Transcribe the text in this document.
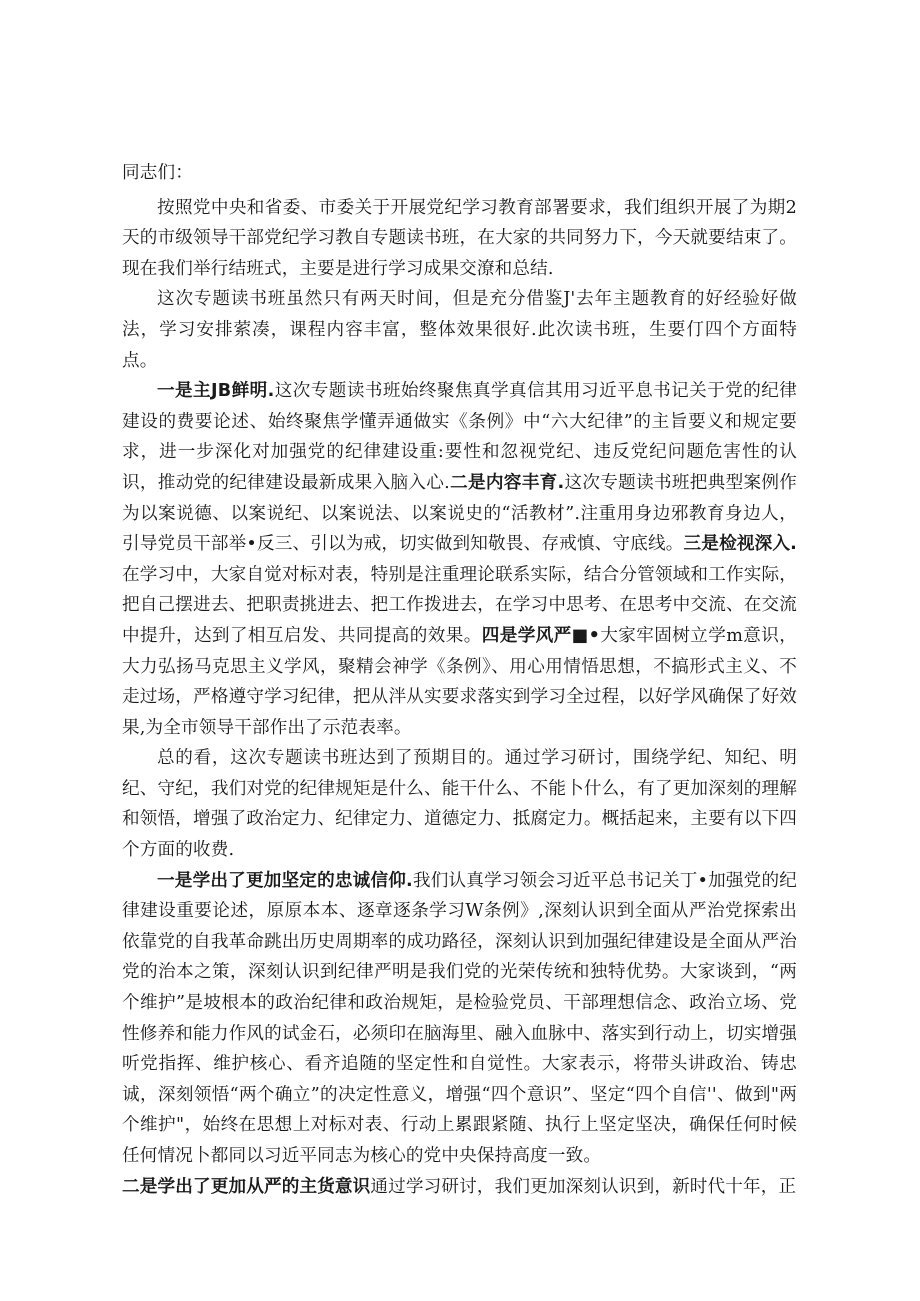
同志们：

按照党中央和省委、市委关于开展党纪学习教育部署要求，我们组织开展了为期2天的市级领导干部党纪学习教自专题读书班，在大家的共同努力下，今天就要结束了。现在我们举行结班式，主要是进行学习成果交潦和总结.

这次专题读书班虽然只有两天时间，但是充分借鉴J'去年主题教育的好经验好做法，学习安排萦凑，课程内容丰富，整体效果很好.此次读书班，生要仃四个方面特点。

一是主JB鲜明.这次专题读书班始终聚焦真学真信其用习近平息书记关于党的纪律建设的费要论述、始终聚焦学懂弄通做实《条例》中“六大纪律”的主旨要义和规定要求，进一步深化对加强党的纪律建设重:要性和忽视党纪、违反党纪问题危害性的认识，推动党的纪律建设最新成果入脑入心.二是内容丰育.这次专题读书班把典型案例作为以案说德、以案说纪、以案说法、以案说史的“活教材”.注重用身边邪教育身边人，引导党员干部举•反三、引以为戒，切实做到知敬畏、存戒慎、守底线。三是检视深入.在学习中，大家自觉对标对表，特别是注重理论联系实际，结合分管领域和工作实际，把自己摆进去、把职责挑进去、把工作拨进去，在学习中思考、在思考中交流、在交流中提升，达到了相互启发、共同提高的效果。四是学风严■•大家牢固树立学m意识，大力弘扬马克思主义学风，聚精会神学《条例》、用心用情悟思想，不搞形式主义、不走过场，严格遵守学习纪律，把从泮从实要求落实到学习全过程，以好学风确保了好效果,为全市领导干部作出了示范表率。

总的看，这次专题读书班达到了预期目的。通过学习研讨，围绕学纪、知纪、明纪、守纪，我们对党的纪律规矩是什么、能干什么、不能卜什么，有了更加深刻的理解和领悟，增强了政治定力、纪律定力、道德定力、抵腐定力。概括起来，主要有以下四个方面的收费.

一是学出了更加坚定的忠诚信仰.我们认真学习领会习近平总书记关丁•加强党的纪律建设重要论述，原原本本、逐章逐条学习W条例》,深刻认识到全面从严治党探索出依靠党的自我革命跳出历史周期率的成功路径，深刻认识到加强纪律建设是全面从严治党的治本之策，深刻认识到纪律严明是我们党的光荣传统和独特优势。大家谈到，“两个维护”是坡根本的政治纪律和政治规矩，是检验党员、干部理想信念、政治立场、党性修养和能力作风的试金石，必须印在脑海里、融入血脉中、落实到行动上，切实增强听党指挥、维护核心、看齐追随的坚定性和自觉性。大家表示，将带头讲政治、铸忠诚，深刻领悟“两个确立”的决定性意义，增强“四个意识”、坚定“四个自信''、做到"两个维护"，始终在思想上对标对表、行动上累跟紧随、执行上坚定坚决，确保任何时候任何情况卜都同以习近平同志为核心的党中央保持高度一致。

二是学出了更加从严的主货意识通过学习研讨，我们更加深刻认识到，新时代十年，正
